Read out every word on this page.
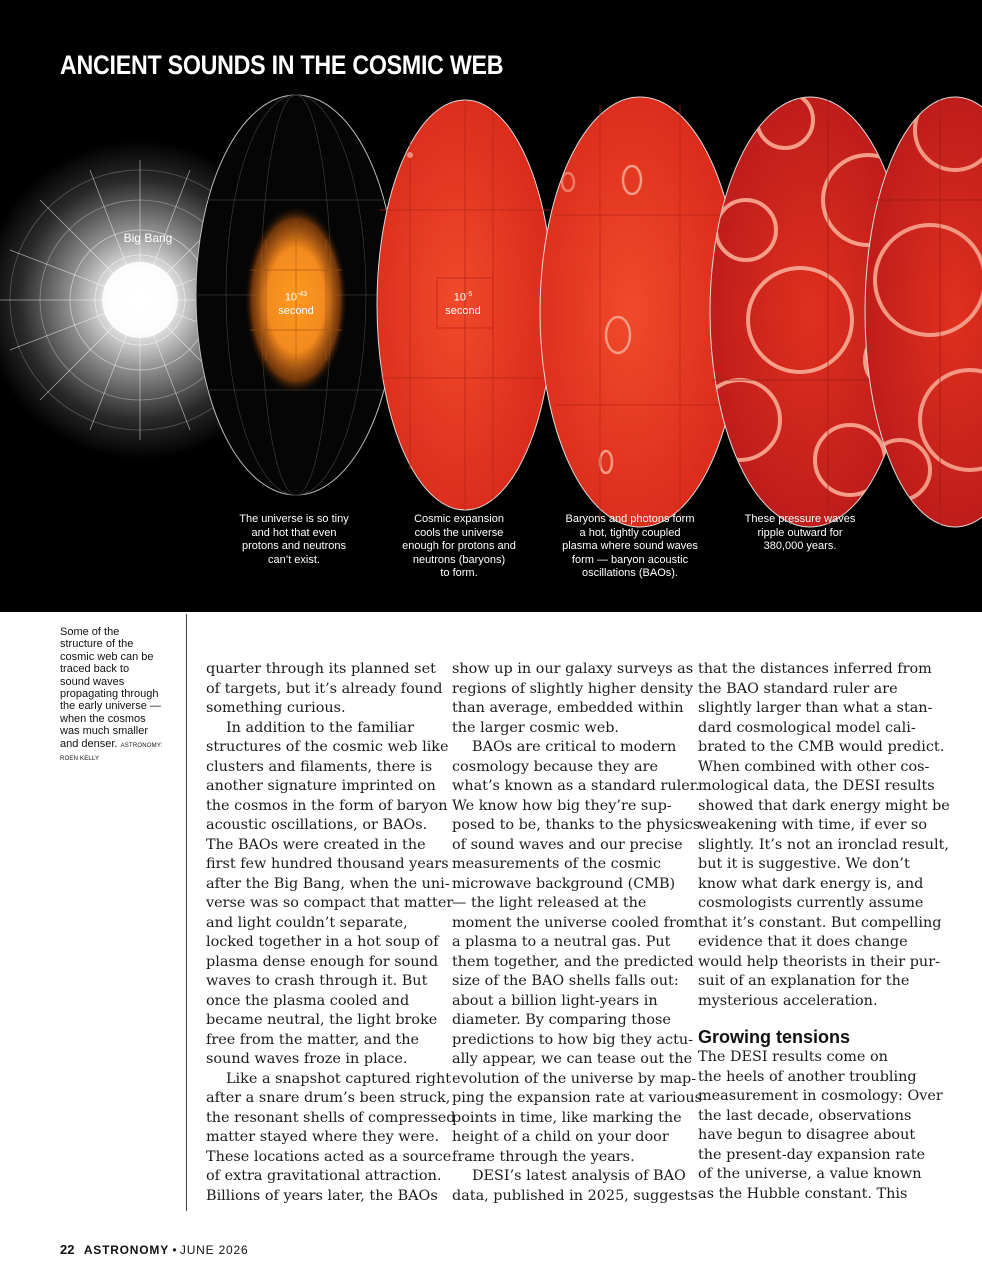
ANCIENT SOUNDS IN THE COSMIC WEB
Big Bang
$10^{-43}$
second
$10^{-5}$
second
The universe is so tiny
and hot that even
protons and neutrons
can’t exist.
Cosmic expansion
cools the universe
enough for protons and
neutrons (baryons)
to form.
Baryons and photons form
a hot, tightly coupled
plasma where sound waves
form — baryon acoustic
oscillations (BAOs).
These pressure waves
ripple outward for
380,000 years.
Some of the
structure of the
cosmic web can be
traced back to
sound waves
propagating through
the early universe —
when the cosmos
was much smaller
and denser. ASTRONOMY:
ROEN KELLY
quarter through its planned set
of targets, but it’s already found
something curious.
In addition to the familiar
structures of the cosmic web like
clusters and filaments, there is
another signature imprinted on
the cosmos in the form of baryon
acoustic oscillations, or BAOs.
The BAOs were created in the
first few hundred thousand years
after the Big Bang, when the uni-
verse was so compact that matter
and light couldn’t separate,
locked together in a hot soup of
plasma dense enough for sound
waves to crash through it. But
once the plasma cooled and
became neutral, the light broke
free from the matter, and the
sound waves froze in place.
Like a snapshot captured right
after a snare drum’s been struck,
the resonant shells of compressed
matter stayed where they were.
These locations acted as a source
of extra gravitational attraction.
Billions of years later, the BAOs
show up in our galaxy surveys as
regions of slightly higher density
than average, embedded within
the larger cosmic web.
BAOs are critical to modern
cosmology because they are
what’s known as a standard ruler.
We know how big they’re sup-
posed to be, thanks to the physics
of sound waves and our precise
measurements of the cosmic
microwave background (CMB)
— the light released at the
moment the universe cooled from
a plasma to a neutral gas. Put
them together, and the predicted
size of the BAO shells falls out:
about a billion light-years in
diameter. By comparing those
predictions to how big they actu-
ally appear, we can tease out the
evolution of the universe by map-
ping the expansion rate at various
points in time, like marking the
height of a child on your door
frame through the years.
DESI’s latest analysis of BAO
data, published in 2025, suggests
that the distances inferred from
the BAO standard ruler are
slightly larger than what a stan-
dard cosmological model cali-
brated to the CMB would predict.
When combined with other cos-
mological data, the DESI results
showed that dark energy might be
weakening with time, if ever so
slightly. It’s not an ironclad result,
but it is suggestive. We don’t
know what dark energy is, and
cosmologists currently assume
that it’s constant. But compelling
evidence that it does change
would help theorists in their pur-
suit of an explanation for the
mysterious acceleration.
Growing tensions
The DESI results come on
the heels of another troubling
measurement in cosmology: Over
the last decade, observations
have begun to disagree about
the present-day expansion rate
of the universe, a value known
as the Hubble constant. This
22 ASTRONOMY • JUNE 2026
